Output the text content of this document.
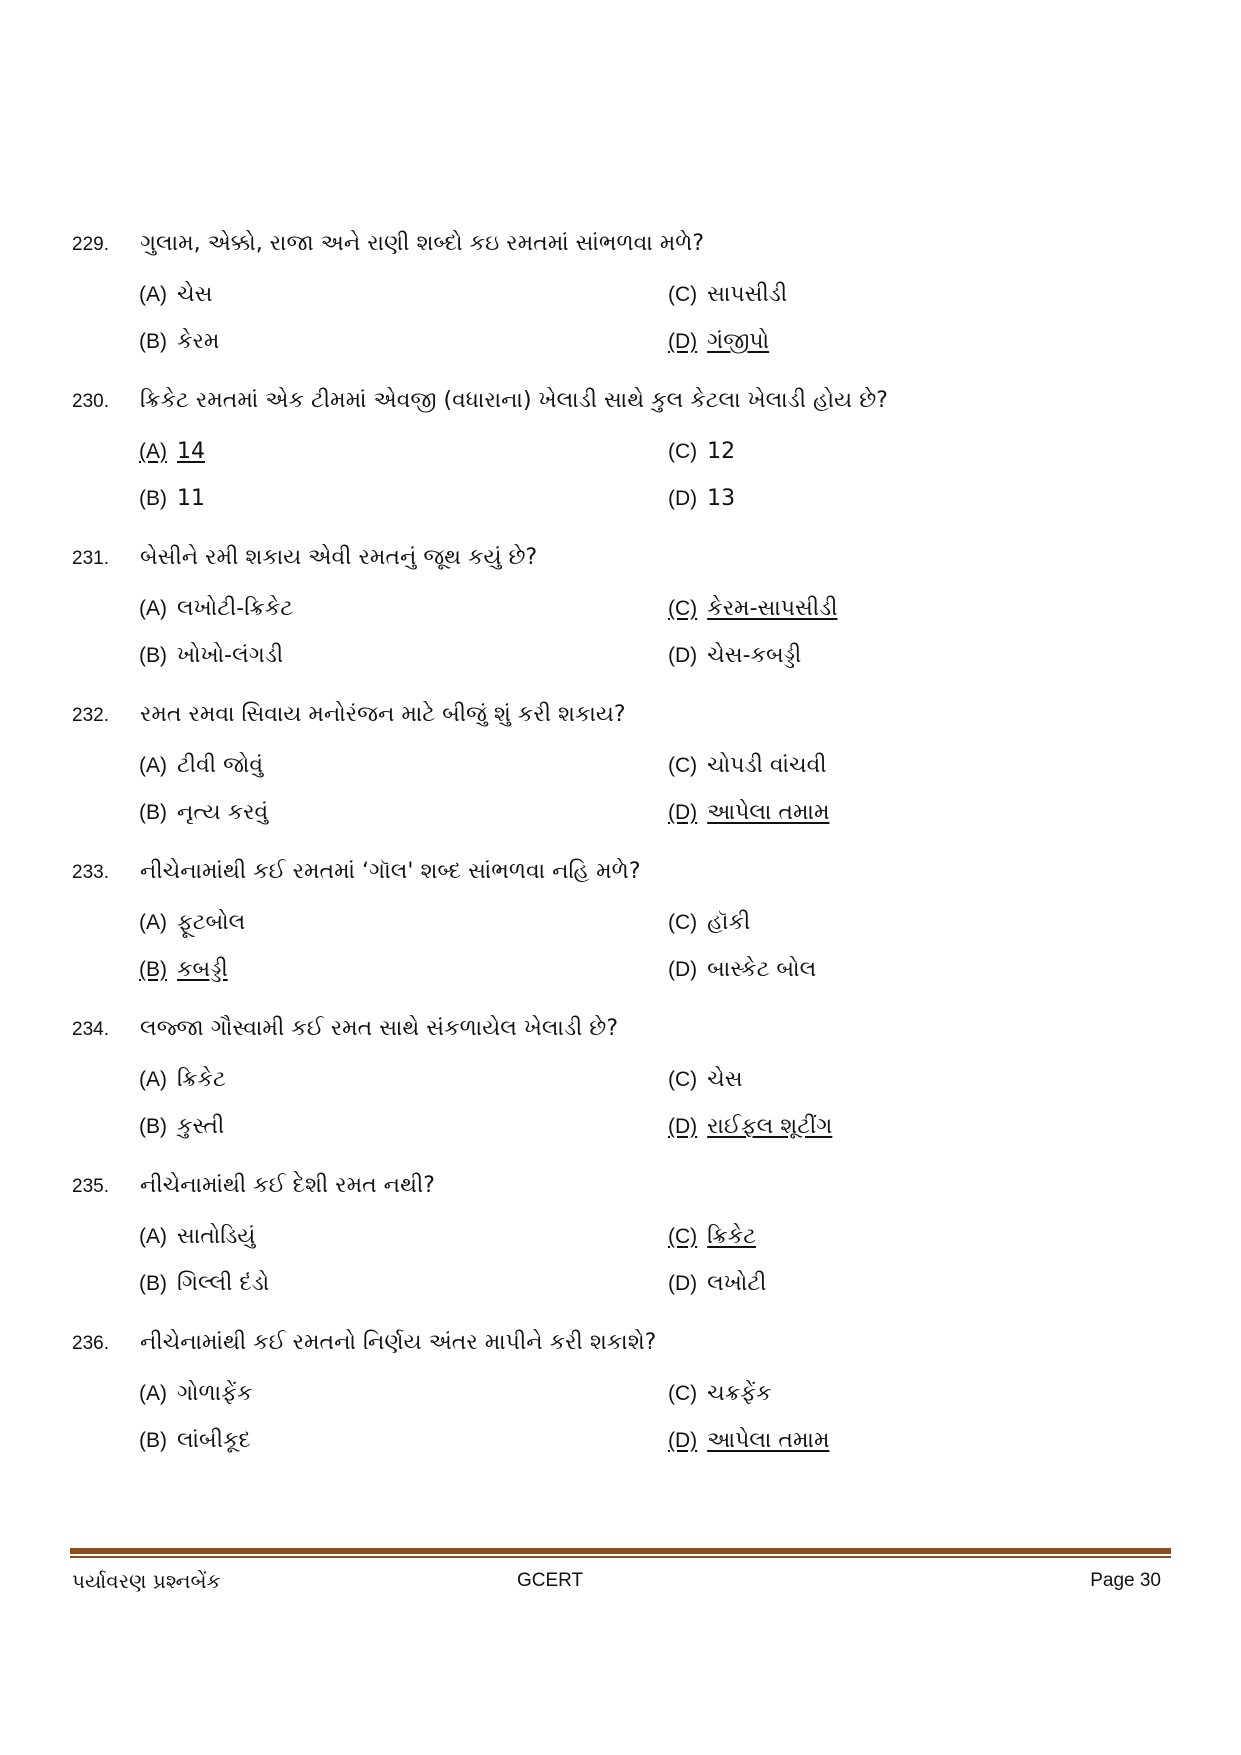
229. ગુલામ, એક્કો, રાજા અને રાણી શબ્દો કઇ રમતમાં સાંભળવા મળે?
(A) ચેસ	(C) સાપસીડી
(B) કેરમ	(D) ગંજીપો
230. ક્રિકેટ રમતમાં એક ટીમમાં એવજી (વધારાના) ખેલાડી સાથે કુલ કેટલા ખેલાડી હોય છે?
(A) 14	(C) 12
(B) 11	(D) 13
231. બેસીને રમી શકાય એવી રમતનું જૂથ કયું છે?
(A) લખોટી-ક્રિકેટ	(C) કેરમ-સાપસીડી
(B) ખોખો-લંગડી	(D) ચેસ-કબડ્ડી
232. રમત રમવા સિવાય મનોરંજન માટે બીજું શું કરી શકાય?
(A) ટીવી જોવું	(C) ચોપડી વાંચવી
(B) નૃત્ય કરવું	(D) આપેલા તમામ
233. નીચેનામાંથી કઈ રમતમાં ‘ગૉલ' શબ્દ સાંભળવા નહિ મળે?
(A) ફૂટબોલ	(C) હૉકી
(B) કબડ્ડી	(D) બાસ્કેટ બોલ
234. લજ્જા ગૌસ્વામી કઈ રમત સાથે સંકળાયેલ ખેલાડી છે?
(A) ક્રિકેટ	(C) ચેસ
(B) કુસ્તી	(D) રાઈફલ શૂટીંગ
235. નીચેનામાંથી કઈ દેશી રમત નથી?
(A) સાતોડિયું	(C) ક્રિકેટ
(B) ગિલ્લી દંડો	(D) લખોટી
236. નીચેનામાંથી કઈ રમતનો નિર્ણય અંતર માપીને કરી શકાશે?
(A) ગોળાફેંક	(C) ચક્રફેંક
(B) લાંબીકૂદ	(D) આપેલા તમામ
પર્યાવરણ પ્રશ્નબેંક	GCERT	Page 30
